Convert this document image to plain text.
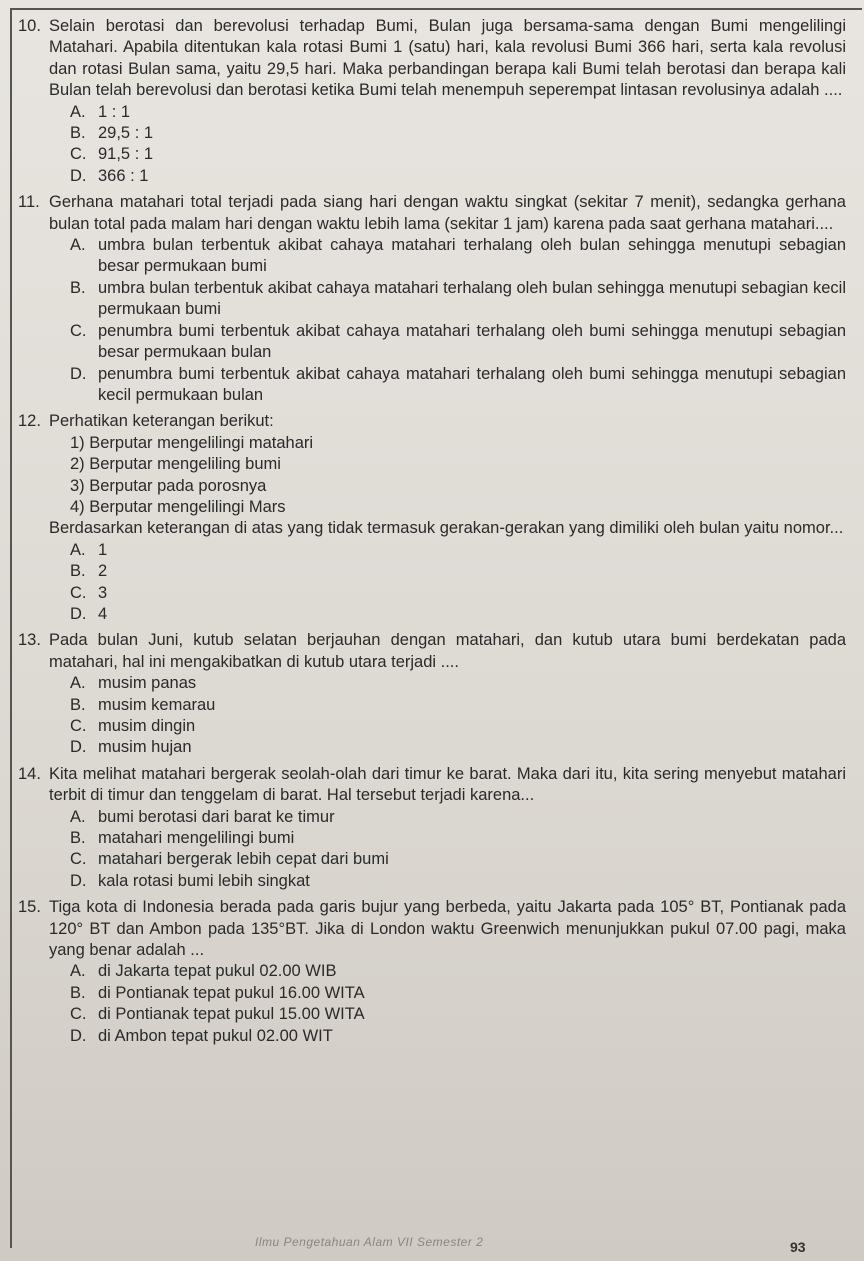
10. Selain berotasi dan berevolusi terhadap Bumi, Bulan juga bersama-sama dengan Bumi mengelilingi Matahari. Apabila ditentukan kala rotasi Bumi 1 (satu) hari, kala revolusi Bumi 366 hari, serta kala revolusi dan rotasi Bulan sama, yaitu 29,5 hari. Maka perbandingan berapa kali Bumi telah berotasi dan berapa kali Bulan telah berevolusi dan berotasi ketika Bumi telah menempuh seperempat lintasan revolusinya adalah ....
A. 1 : 1
B. 29,5 : 1
C. 91,5 : 1
D. 366 : 1
11. Gerhana matahari total terjadi pada siang hari dengan waktu singkat (sekitar 7 menit), sedangka gerhana bulan total pada malam hari dengan waktu lebih lama (sekitar 1 jam) karena pada saat gerhana matahari....
A. umbra bulan terbentuk akibat cahaya matahari terhalang oleh bulan sehingga menutupi sebagian besar permukaan bumi
B. umbra bulan terbentuk akibat cahaya matahari terhalang oleh bulan sehingga menutupi sebagian kecil permukaan bumi
C. penumbra bumi terbentuk akibat cahaya matahari terhalang oleh bumi sehingga menutupi sebagian besar permukaan bulan
D. penumbra bumi terbentuk akibat cahaya matahari terhalang oleh bumi sehingga menutupi sebagian kecil permukaan bulan
12. Perhatikan keterangan berikut:
1) Berputar mengelilingi matahari
2) Berputar mengeliling bumi
3) Berputar pada porosnya
4) Berputar mengelilingi Mars
Berdasarkan keterangan di atas yang tidak termasuk gerakan-gerakan yang dimiliki oleh bulan yaitu nomor...
A. 1
B. 2
C. 3
D. 4
13. Pada bulan Juni, kutub selatan berjauhan dengan matahari, dan kutub utara bumi berdekatan pada matahari, hal ini mengakibatkan di kutub utara terjadi ....
A. musim panas
B. musim kemarau
C. musim dingin
D. musim hujan
14. Kita melihat matahari bergerak seolah-olah dari timur ke barat. Maka dari itu, kita sering menyebut matahari terbit di timur dan tenggelam di barat. Hal tersebut terjadi karena...
A. bumi berotasi dari barat ke timur
B. matahari mengelilingi bumi
C. matahari bergerak lebih cepat dari bumi
D. kala rotasi bumi lebih singkat
15. Tiga kota di Indonesia berada pada garis bujur yang berbeda, yaitu Jakarta pada 105° BT, Pontianak pada 120° BT dan Ambon pada 135°BT. Jika di London waktu Greenwich menunjukkan pukul 07.00 pagi, maka yang benar adalah ...
A. di Jakarta tepat pukul 02.00 WIB
B. di Pontianak tepat pukul 16.00 WITA
C. di Pontianak tepat pukul 15.00 WITA
D. di Ambon tepat pukul 02.00 WIT
Ilmu Pengetahuan Alam VII Semester 2	93
